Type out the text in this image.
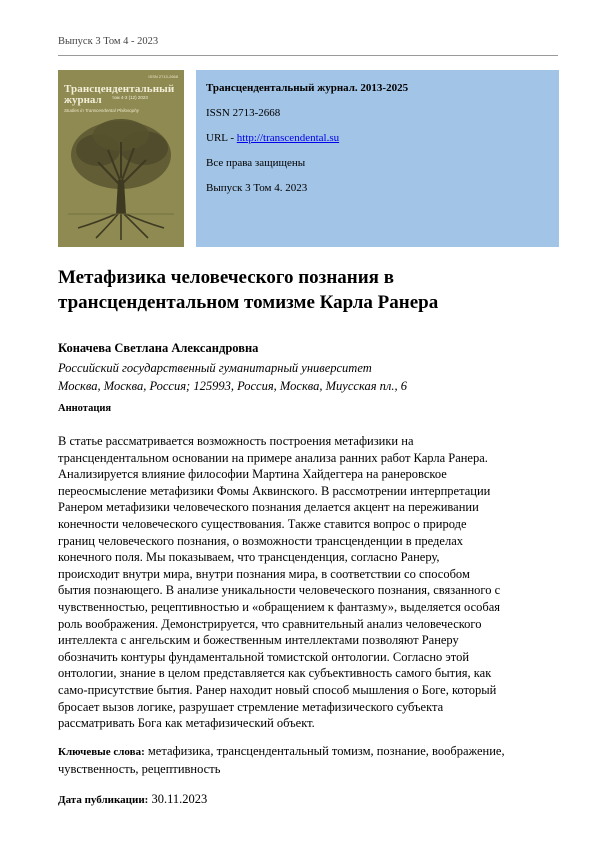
Выпуск 3 Том 4 - 2023
ISSN 2713-2668
Трансцендентальный
журнал
Studies in Transcendental Philosophy
том 4-3 (12) 2023
Трансцендентальный журнал. 2013-2025
ISSN 2713-2668
URL - http://transcendental.su
Все права защищены
Выпуск 3 Том 4. 2023
Метафизика человеческого познания в трансцендентальном томизме Карла Ранера
Коначева Светлана Александровна
Российский государственный гуманитарный университет
Москва, Москва, Россия; 125993, Россия, Москва, Миусская пл., 6
Аннотация

В статье рассматривается возможность построения метафизики на
трансцендентальном основании на примере анализа ранних работ Карла Ранера.
Анализируется влияние философии Мартина Хайдеггера на ранеровское
переосмысление метафизики Фомы Аквинского. В рассмотрении интерпретации
Ранером метафизики человеческого познания делается акцент на переживании
конечности человеческого существования. Также ставится вопрос о природе
границ человеческого познания, о возможности трансценденции в пределах
конечного поля. Мы показываем, что трансценденция, согласно Ранеру,
происходит внутри мира, внутри познания мира, в соответствии со способом
бытия познающего. В анализе уникальности человеческого познания, связанного с
чувственностью, рецептивностью и «обращением к фантазму», выделяется особая
роль воображения. Демонстрируется, что сравнительный анализ человеческого
интеллекта с ангельским и божественным интеллектами позволяют Ранеру
обозначить контуры фундаментальной томистской онтологии. Согласно этой
онтологии, знание в целом представляется как субъективность самого бытия, как
само-присутствие бытия. Ранер находит новый способ мышления о Боге, который
бросает вызов логике, разрушает стремление метафизического субъекта
рассматривать Бога как метафизический объект.

Ключевые слова: метафизика, трансцендентальный томизм, познание, воображение, чувственность, рецептивность
Дата публикации: 30.11.2023
